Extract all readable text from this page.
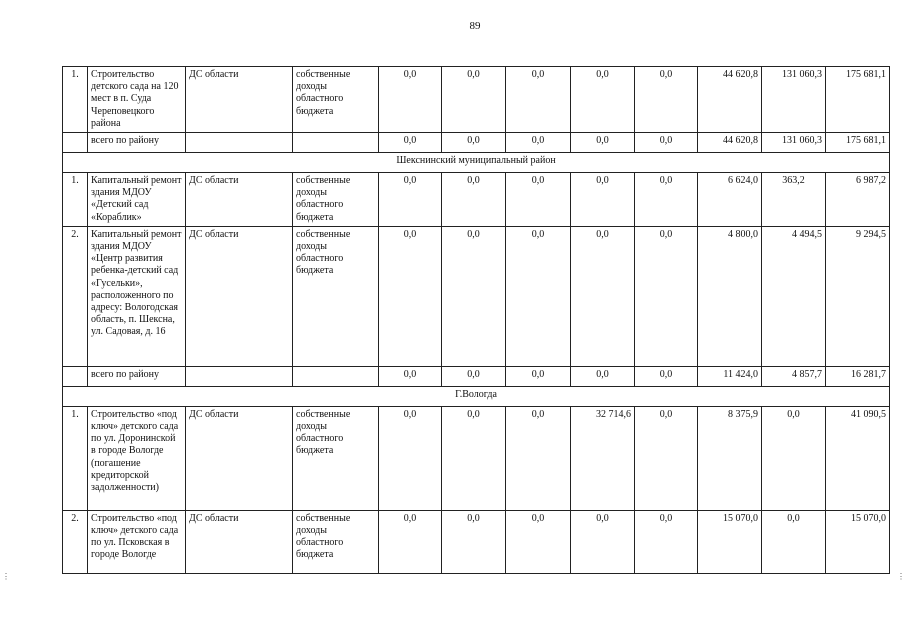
89
1.	Строительство детского сада на 120 мест в п. Суда Череповецкого района	ДС области	собственные доходы областного бюджета	0,0	0,0	0,0	0,0	0,0	44 620,8	131 060,3	175 681,1
	всего по району			0,0	0,0	0,0	0,0	0,0	44 620,8	131 060,3	175 681,1
Шекснинский муниципальный район											
1.	Капитальный ремонт здания МДОУ «Детский сад «Кораблик»	ДС области	собственные доходы областного бюджета	0,0	0,0	0,0	0,0	0,0	6 624,0	363,2	6 987,2
2.	Капитальный ремонт здания МДОУ «Центр развития ребенка-детский сад «Гусельки», расположенного по адресу: Вологодская область, п. Шексна, ул. Садовая, д. 16	ДС области	собственные доходы областного бюджета	0,0	0,0	0,0	0,0	0,0	4 800,0	4 494,5	9 294,5
	всего по району			0,0	0,0	0,0	0,0	0,0	11 424,0	4 857,7	16 281,7
Г.Вологда											
1.	Строительство «под ключ» детского сада по ул. Доронинской в городе Вологде (погашение кредиторской задолженности)	ДС области	собственные доходы областного бюджета	0,0	0,0	0,0	32 714,6	0,0	8 375,9	0,0	41 090,5
2.	Строительство «под ключ» детского сада по ул. Псковская в городе Вологде	ДС области	собственные доходы областного бюджета	0,0	0,0	0,0	0,0	0,0	15 070,0	0,0	15 070,0
⋮	⋮
